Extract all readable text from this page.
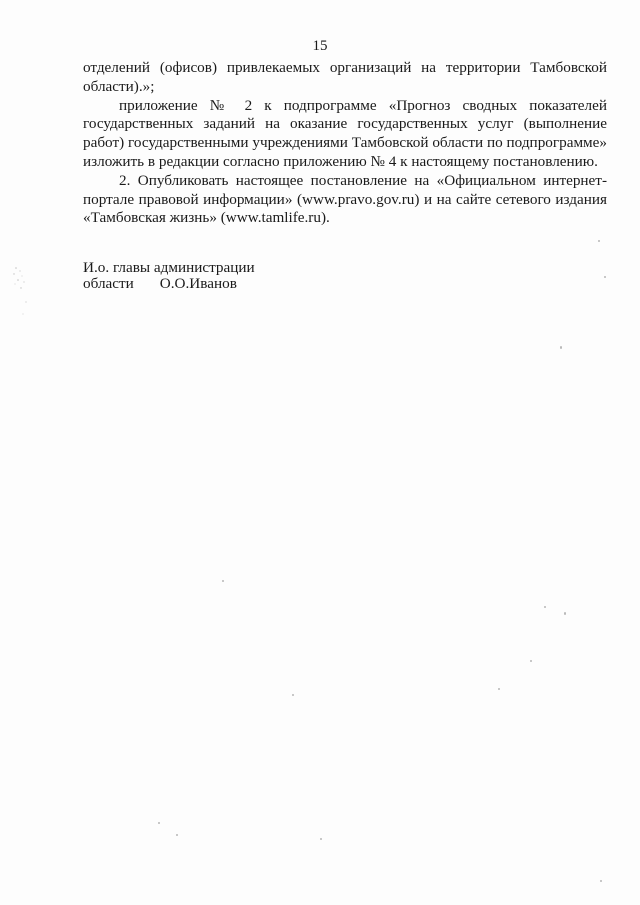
15

отделений (офисов) привлекаемых организаций на территории Тамбовской области).»;

приложение № 2 к подпрограмме «Прогноз сводных показателей государственных заданий на оказание государственных услуг (выполнение работ) государственными учреждениями Тамбовской области по подпрограмме» изложить в редакции согласно приложению № 4 к настоящему постановлению.

2. Опубликовать настоящее постановление на «Официальном интернет-портале правовой информации» (www.pravo.gov.ru) и на сайте сетевого издания «Тамбовская жизнь» (www.tamlife.ru).

И.о. главы администрации
области О.О.Иванов
